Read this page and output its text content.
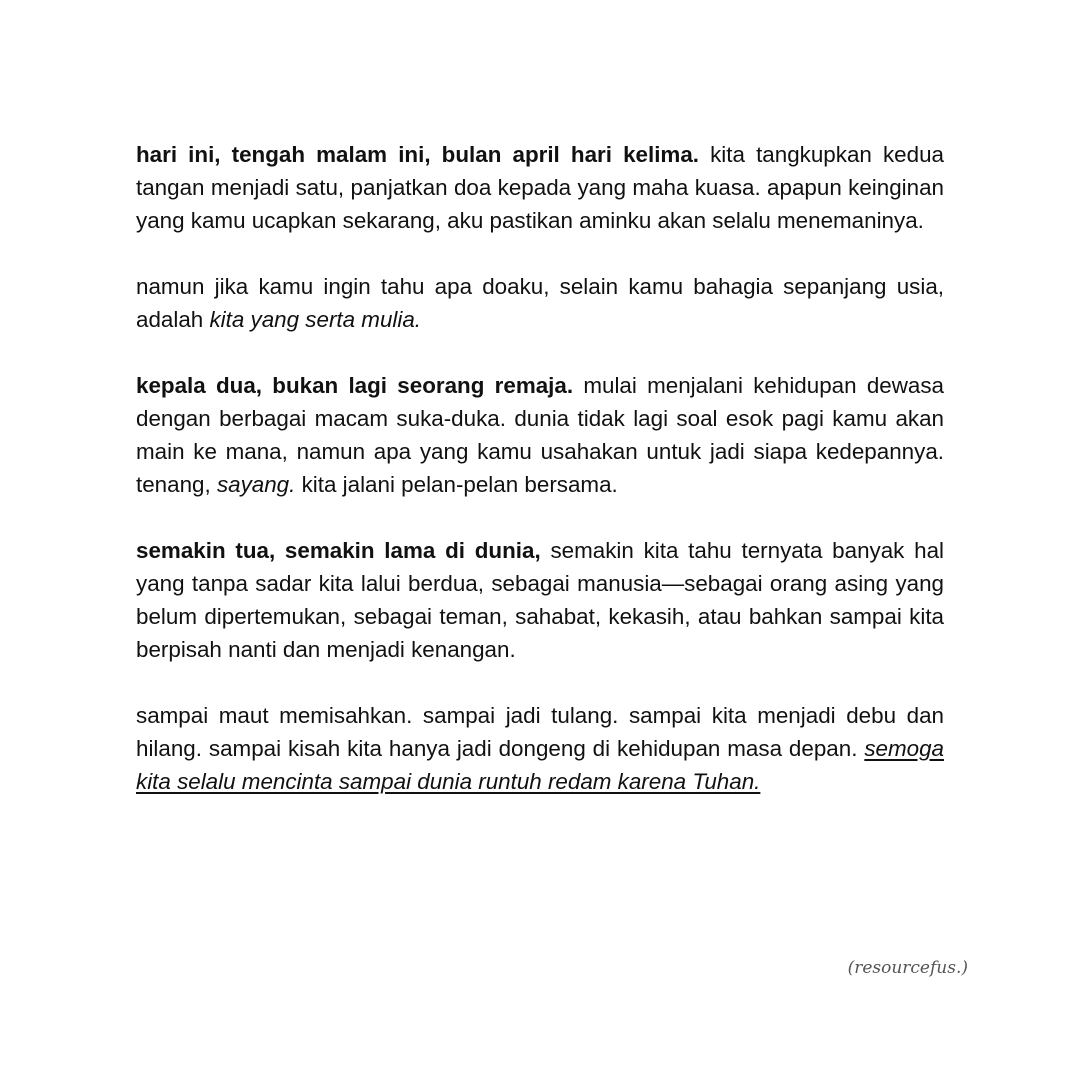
hari ini, tengah malam ini, bulan april hari kelima. kita tangkupkan kedua tangan menjadi satu, panjatkan doa kepada yang maha kuasa. apapun keinginan yang kamu ucapkan sekarang, aku pastikan aminku akan selalu menemaninya.

namun jika kamu ingin tahu apa doaku, selain kamu bahagia sepanjang usia, adalah kita yang serta mulia.

kepala dua, bukan lagi seorang remaja. mulai menjalani kehidupan dewasa dengan berbagai macam suka-duka. dunia tidak lagi soal esok pagi kamu akan main ke mana, namun apa yang kamu usahakan untuk jadi siapa kedepannya. tenang, sayang. kita jalani pelan-pelan bersama.

semakin tua, semakin lama di dunia, semakin kita tahu ternyata banyak hal yang tanpa sadar kita lalui berdua, sebagai manusia—sebagai orang asing yang belum dipertemukan, sebagai teman, sahabat, kekasih, atau bahkan sampai kita berpisah nanti dan menjadi kenangan.

sampai maut memisahkan. sampai jadi tulang. sampai kita menjadi debu dan hilang. sampai kisah kita hanya jadi dongeng di kehidupan masa depan. semoga kita selalu mencinta sampai dunia runtuh redam karena Tuhan.

(resourcefus.)
